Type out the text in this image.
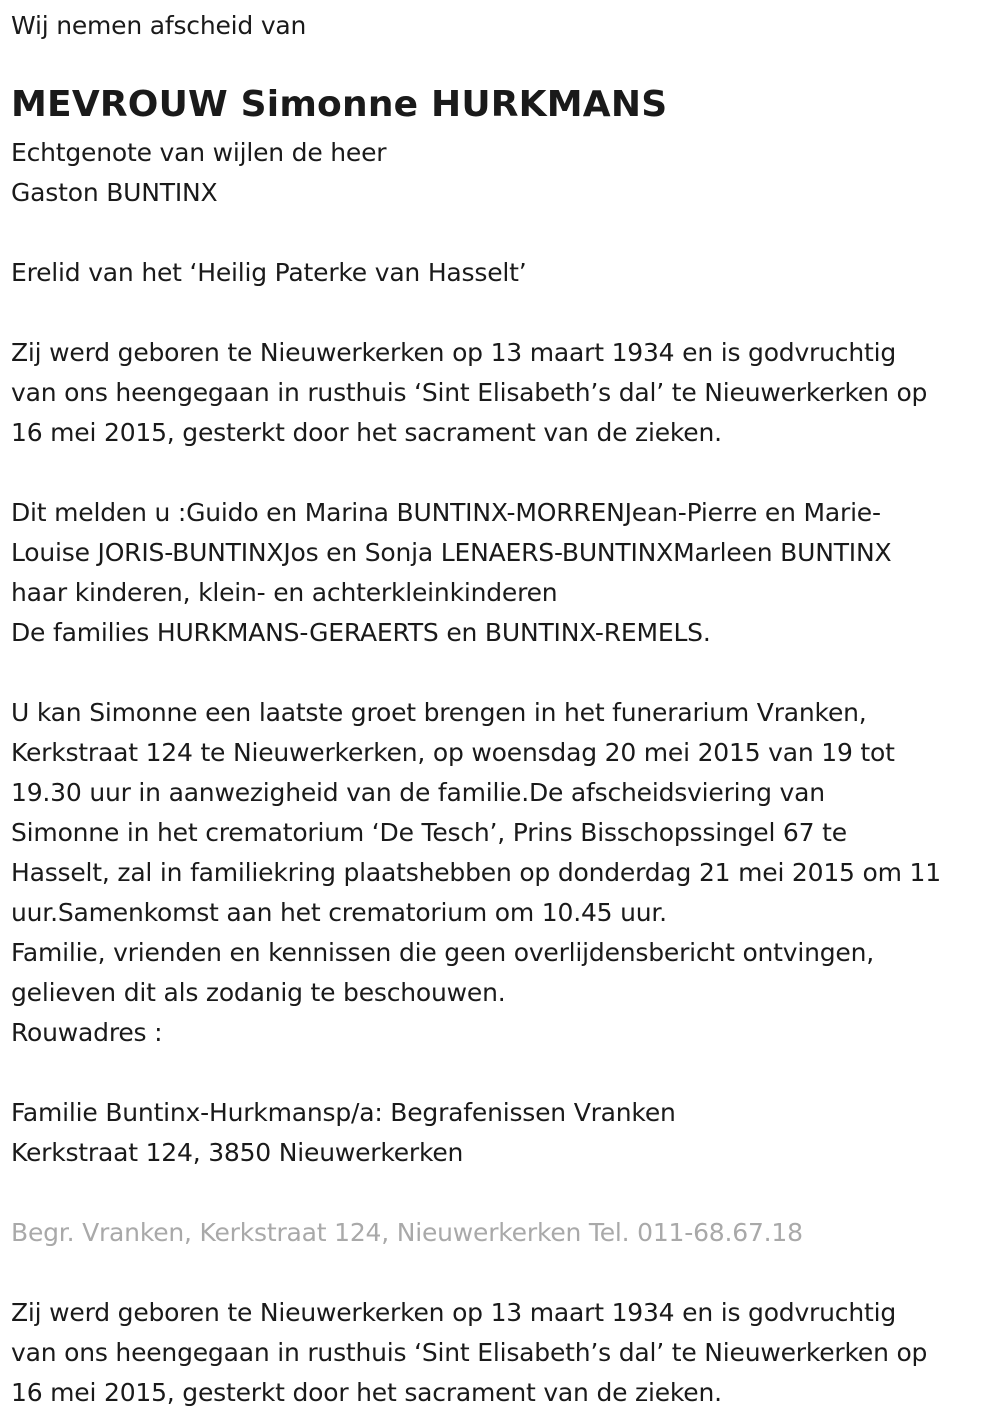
Wij nemen afscheid van
MEVROUW Simonne HURKMANS
Echtgenote van wijlen de heer
Gaston BUNTINX
Erelid van het ‘Heilig Paterke van Hasselt’
Zij werd geboren te Nieuwerkerken op 13 maart 1934 en is godvruchtig
van ons heengegaan in rusthuis ‘Sint Elisabeth’s dal’ te Nieuwerkerken op
16 mei 2015, gesterkt door het sacrament van de zieken.
Dit melden u :Guido en Marina BUNTINX-MORRENJean-Pierre en Marie-
Louise JORIS-BUNTINXJos en Sonja LENAERS-BUNTINXMarleen BUNTINX
haar kinderen, klein- en achterkleinkinderen
De families HURKMANS-GERAERTS en BUNTINX-REMELS.
U kan Simonne een laatste groet brengen in het funerarium Vranken,
Kerkstraat 124 te Nieuwerkerken, op woensdag 20 mei 2015 van 19 tot
19.30 uur in aanwezigheid van de familie.De afscheidsviering van
Simonne in het crematorium ‘De Tesch’, Prins Bisschopssingel 67 te
Hasselt, zal in familiekring plaatshebben op donderdag 21 mei 2015 om 11
uur.Samenkomst aan het crematorium om 10.45 uur.
Familie, vrienden en kennissen die geen overlijdensbericht ontvingen,
gelieven dit als zodanig te beschouwen.
Rouwadres :
Familie Buntinx-Hurkmansp/a: Begrafenissen Vranken
Kerkstraat 124, 3850 Nieuwerkerken
Begr. Vranken, Kerkstraat 124, Nieuwerkerken Tel. 011-68.67.18
Zij werd geboren te Nieuwerkerken op 13 maart 1934 en is godvruchtig
van ons heengegaan in rusthuis ‘Sint Elisabeth’s dal’ te Nieuwerkerken op
16 mei 2015, gesterkt door het sacrament van de zieken.
